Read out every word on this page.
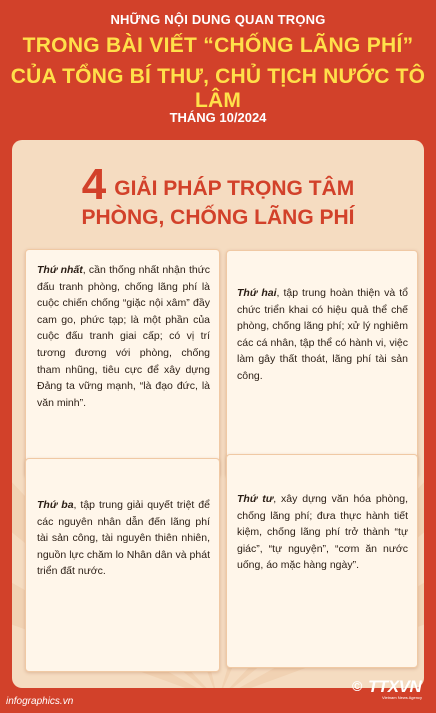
NHỮNG NỘI DUNG QUAN TRỌNG
TRONG BÀI VIẾT “CHỐNG LÃNG PHÍ”
CỦA TỔNG BÍ THƯ, CHỦ TỊCH NƯỚC TÔ LÂM
THÁNG 10/2024
4 GIẢI PHÁP TRỌNG TÂM
PHÒNG, CHỐNG LÃNG PHÍ
Thứ nhất, cần thống nhất nhận thức đấu tranh phòng, chống lãng phí là cuộc chiến chống “giặc nội xâm” đầy cam go, phức tạp; là một phần của cuộc đấu tranh giai cấp; có vị trí tương đương với phòng, chống tham nhũng, tiêu cực để xây dựng Đảng ta vững mạnh, “là đạo đức, là văn minh”.
Thứ hai, tập trung hoàn thiện và tổ chức triển khai có hiệu quả thể chế phòng, chống lãng phí; xử lý nghiêm các cá nhân, tập thể có hành vi, việc làm gây thất thoát, lãng phí tài sản công.
Thứ ba, tập trung giải quyết triệt để các nguyên nhân dẫn đến lãng phí tài sản công, tài nguyên thiên nhiên, nguồn lực chăm lo Nhân dân và phát triển đất nước.
Thứ tư, xây dựng văn hóa phòng, chống lãng phí; đưa thực hành tiết kiệm, chống lãng phí trở thành “tự giác”, “tự nguyện”, “cơm ăn nước uống, áo mặc hàng ngày”.
infographics.vn
© TTXVN
Vietnam News Agency
